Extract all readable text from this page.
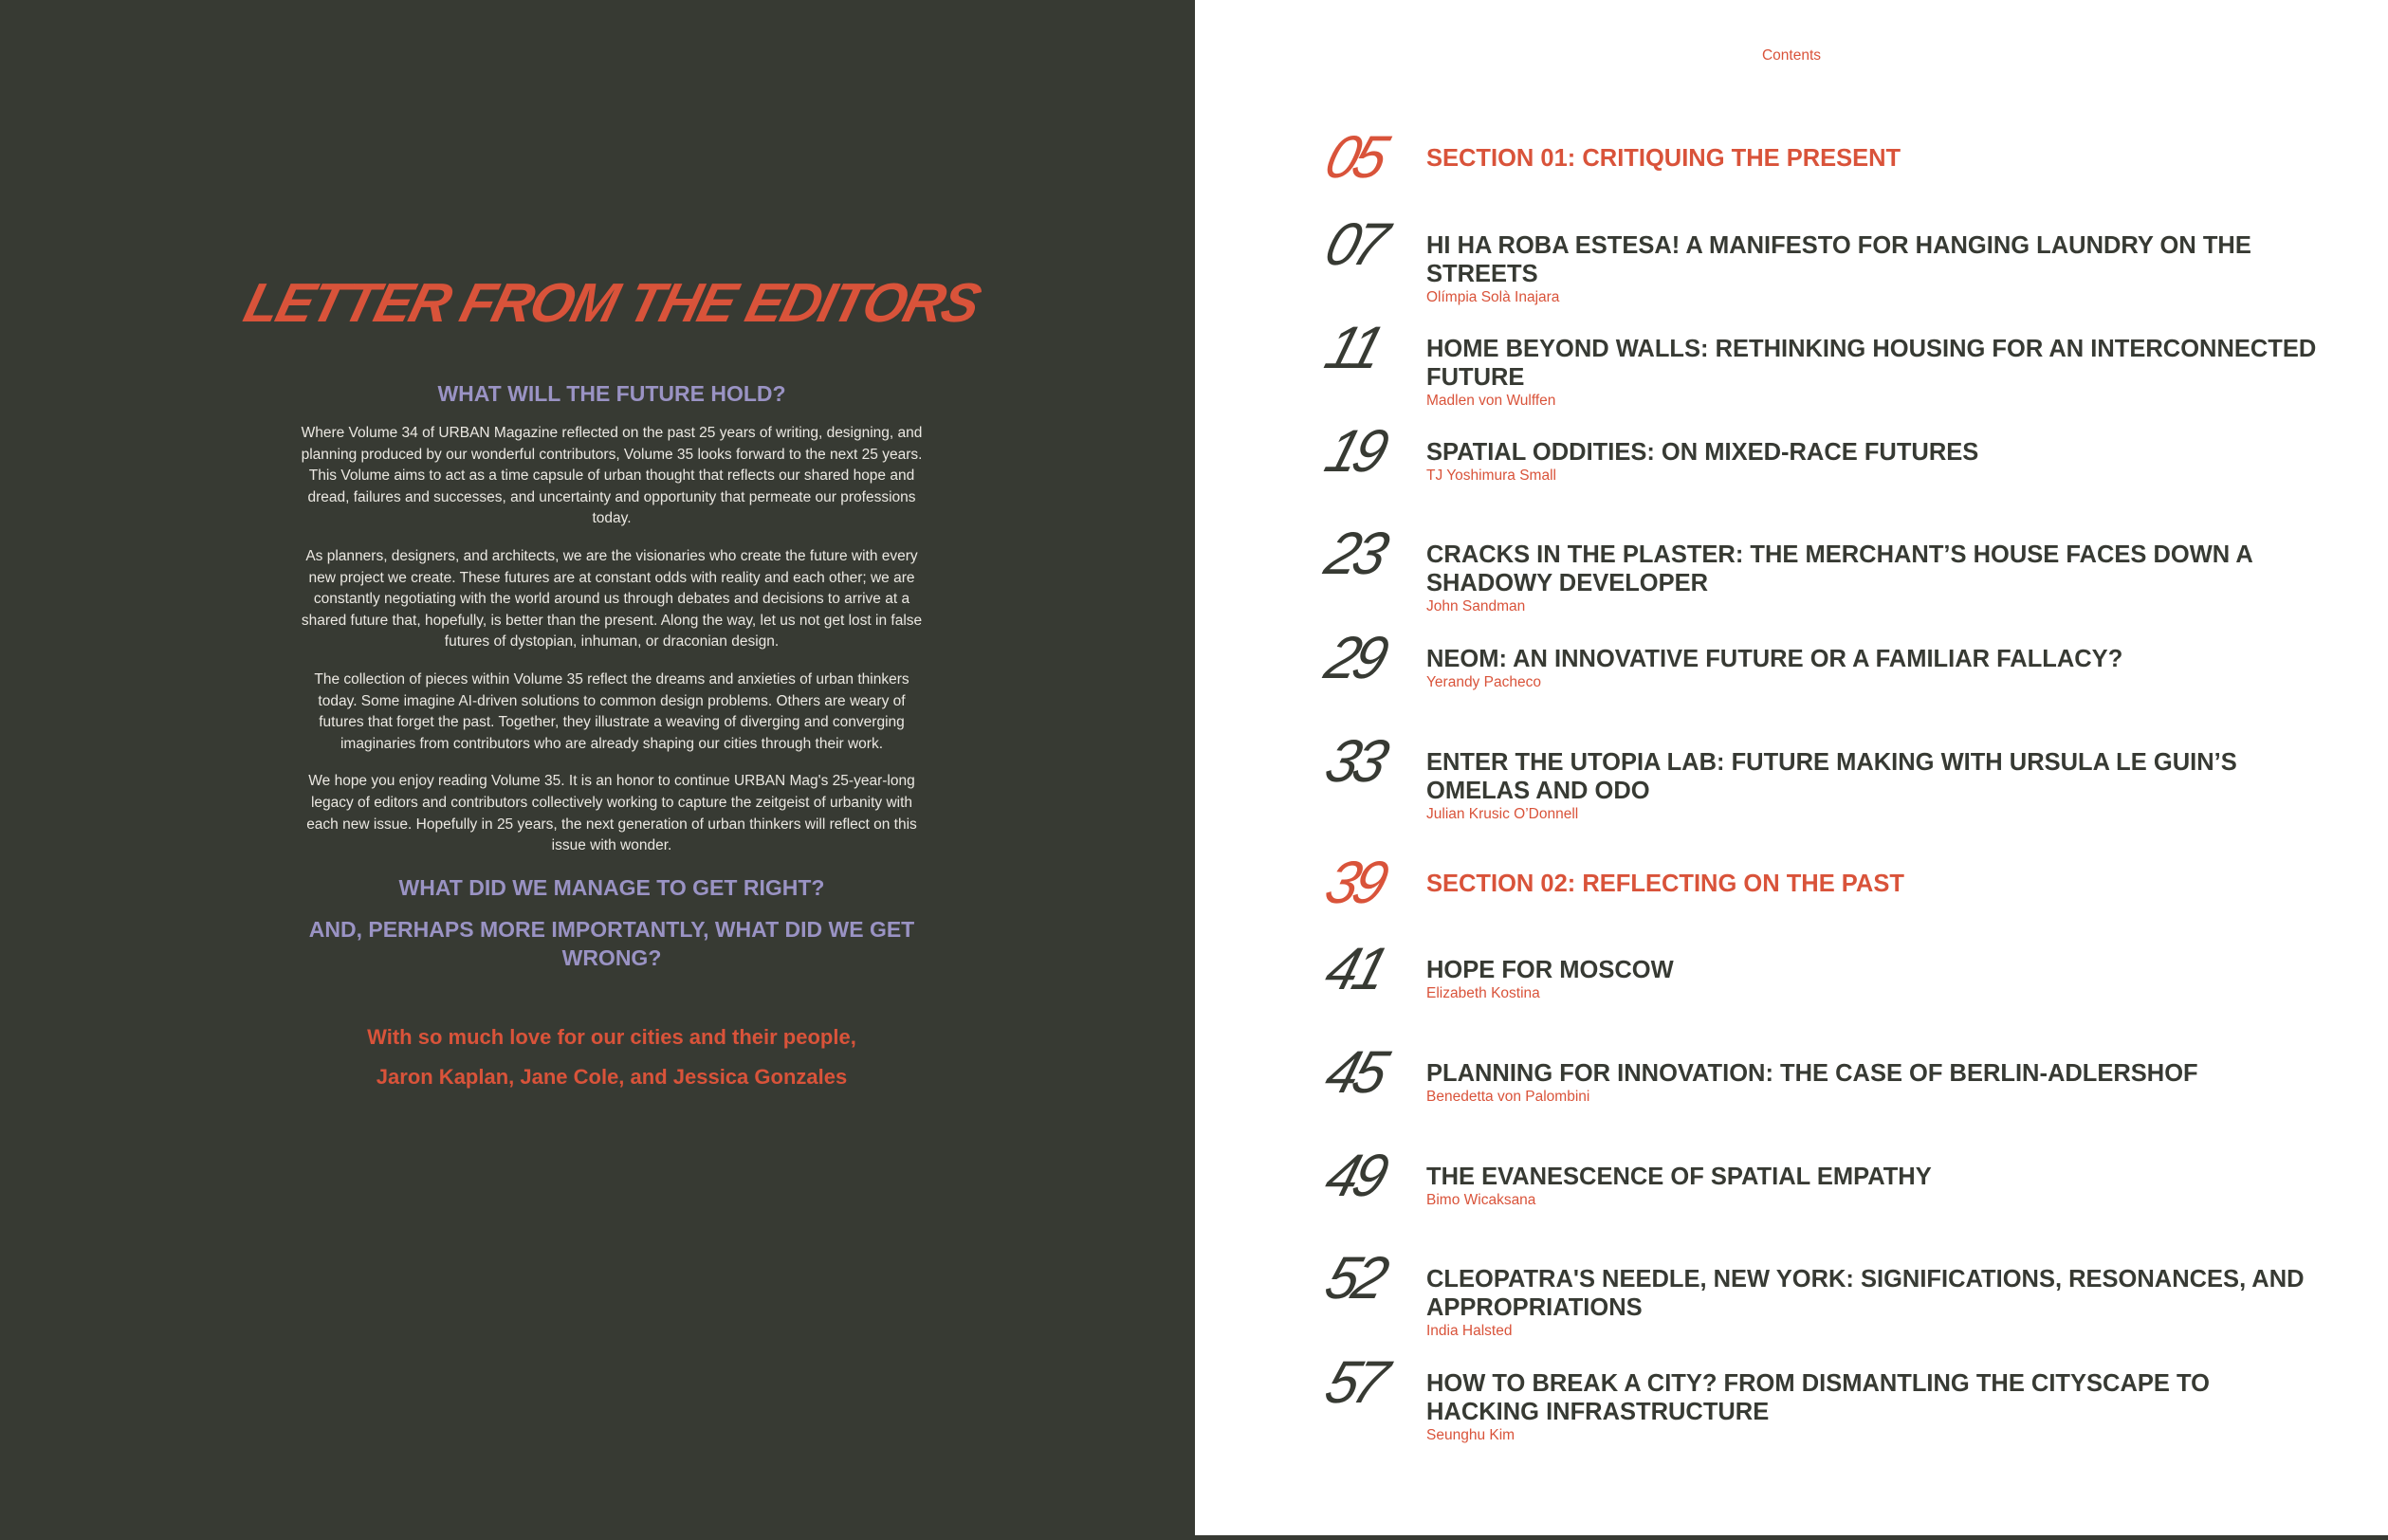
LETTER FROM THE EDITORS

WHAT WILL THE FUTURE HOLD?

Where Volume 34 of URBAN Magazine reflected on the past 25 years of writing, designing, and planning produced by our wonderful contributors, Volume 35 looks forward to the next 25 years. This Volume aims to act as a time capsule of urban thought that reflects our shared hope and dread, failures and successes, and uncertainty and opportunity that permeate our professions today.

As planners, designers, and architects, we are the visionaries who create the future with every new project we create. These futures are at constant odds with reality and each other; we are constantly negotiating with the world around us through debates and decisions to arrive at a shared future that, hopefully, is better than the present. Along the way, let us not get lost in false futures of dystopian, inhuman, or draconian design.

The collection of pieces within Volume 35 reflect the dreams and anxieties of urban thinkers today. Some imagine AI-driven solutions to common design problems. Others are weary of futures that forget the past. Together, they illustrate a weaving of diverging and converging imaginaries from contributors who are already shaping our cities through their work.

We hope you enjoy reading Volume 35. It is an honor to continue URBAN Mag's 25-year-long legacy of editors and contributors collectively working to capture the zeitgeist of urbanity with each new issue. Hopefully in 25 years, the next generation of urban thinkers will reflect on this issue with wonder.

WHAT DID WE MANAGE TO GET RIGHT?

AND, PERHAPS MORE IMPORTANTLY, WHAT DID WE GET WRONG?

With so much love for our cities and their people,

Jaron Kaplan, Jane Cole, and Jessica Gonzales

Contents
05	SECTION 01: CRITIQUING THE PRESENT

07	HI HA ROBA ESTESA! A MANIFESTO FOR HANGING LAUNDRY ON THE STREETS

Olímpia Solà Inajara

11	HOME BEYOND WALLS: RETHINKING HOUSING FOR AN INTERCONNECTED FUTURE

Madlen von Wulffen

19	SPATIAL ODDITIES: ON MIXED-RACE FUTURES

TJ Yoshimura Small

23	CRACKS IN THE PLASTER: THE MERCHANT’S HOUSE FACES DOWN A SHADOWY DEVELOPER

John Sandman

29	NEOM: AN INNOVATIVE FUTURE OR A FAMILIAR FALLACY?

Yerandy Pacheco

33	ENTER THE UTOPIA LAB: FUTURE MAKING WITH URSULA LE GUIN’S OMELAS AND ODO

Julian Krusic O’Donnell

39	SECTION 02: REFLECTING ON THE PAST

41	HOPE FOR MOSCOW

Elizabeth Kostina

45	PLANNING FOR INNOVATION: THE CASE OF BERLIN-ADLERSHOF

Benedetta von Palombini

49	THE EVANESCENCE OF SPATIAL EMPATHY

Bimo Wicaksana

52	CLEOPATRA'S NEEDLE, NEW YORK: SIGNIFICATIONS, RESONANCES, AND APPROPRIATIONS

India Halsted

57	HOW TO BREAK A CITY? FROM DISMANTLING THE CITYSCAPE TO HACKING INFRASTRUCTURE

Seunghu Kim
